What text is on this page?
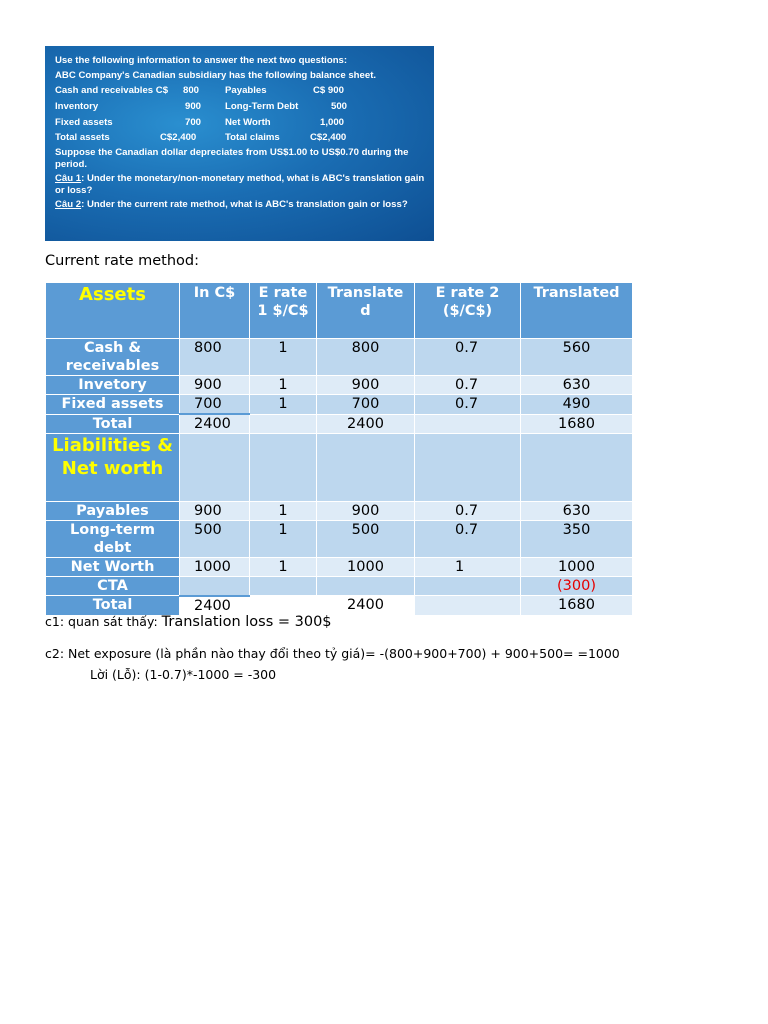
Use the following information to answer the next two questions:
ABC Company's Canadian subsidiary has the following balance sheet.
Cash and receivables C$ 800	Payables	C$ 900
Inventory	900 Long-Term Debt	500
Fixed assets	700 Net Worth	1,000
Total assets	C$2,400	Total claims	C$2,400
Suppose the Canadian dollar depreciates from US$1.00 to US$0.70 during the period.
Câu 1: Under the monetary/non-monetary method, what is ABC's translation gain or loss?
Câu 2: Under the current rate method, what is ABC's translation gain or loss?
Current rate method:
Assets	In C$	E rate 1 $/C$	Translate d	E rate 2 ($/C$)	Translated
Cash & receivables	800	1	800	0.7	560
Invetory	900	1	900	0.7	630
Fixed assets	700	1	700	0.7	490
Total	2400		2400		1680
Liabilities & Net worth					
Payables	900	1	900	0.7	630
Long-term debt	500	1	500	0.7	350
Net Worth	1000	1	1000	1	1000
CTA					(300)
Total	2400		2400		1680
c1: quan sát thấy: Translation loss = 300$
c2: Net exposure (là phần nào thay đổi theo tỷ giá)= -(800+900+700) + 900+500= =1000
Lời (Lỗ): (1-0.7)*-1000 = -300
